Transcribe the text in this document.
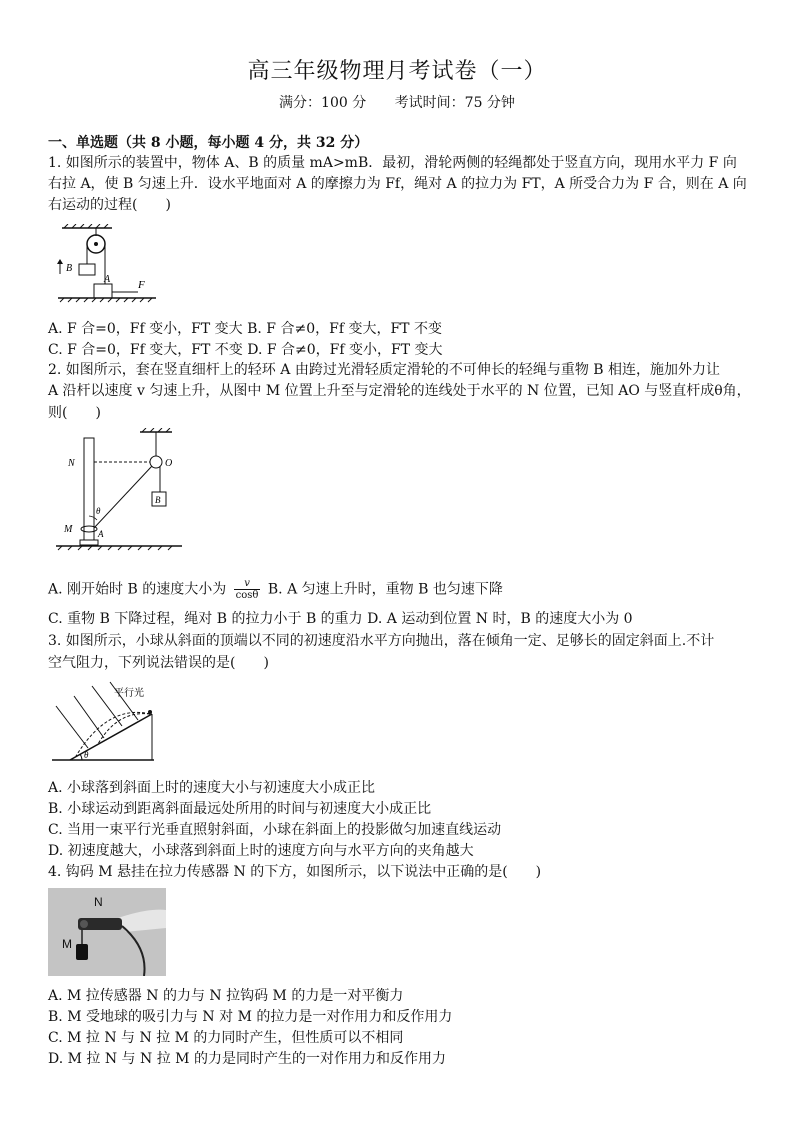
高三年级物理月考试卷（一）
满分：100 分 考试时间：75 分钟
一、单选题（共 8 小题，每小题 4 分，共 32 分）
1. 如图所示的装置中，物体 A、B 的质量 mA>mB．最初，滑轮两侧的轻绳都处于竖直方向，现用水平力 F 向
右拉 A，使 B 匀速上升．设水平地面对 A 的摩擦力为 Ff，绳对 A 的拉力为 FT，A 所受合力为 F 合，则在 A 向
右运动的过程(　　)
B
A	F
A. F 合=0，Ff 变小，FT 变大 B. F 合≠0，Ff 变大，FT 不变
C. F 合=0，Ff 变大，FT 不变 D. F 合≠0，Ff 变小，FT 变大
2. 如图所示，套在竖直细杆上的轻环 A 由跨过光滑轻质定滑轮的不可伸长的轻绳与重物 B 相连，施加外力让
A 沿杆以速度 v 匀速上升，从图中 M 位置上升至与定滑轮的连线处于水平的 N 位置，已知 AO 与竖直杆成θ角，
则(　　)
N	O
B
M
θ
A
A. 刚开始时 B 的速度大小为 $\frac{v}{\cos\theta} B$. A 匀速上升时，重物 B 也匀速下降
C. 重物 B 下降过程，绳对 B 的拉力小于 B 的重力 D. A 运动到位置 N 时，B 的速度大小为 0
3. 如图所示，小球从斜面的顶端以不同的初速度沿水平方向抛出，落在倾角一定、足够长的固定斜面上.不计
空气阻力，下列说法错误的是(　　)
θ
平行光
A. 小球落到斜面上时的速度大小与初速度大小成正比
B. 小球运动到距离斜面最远处所用的时间与初速度大小成正比
C. 当用一束平行光垂直照射斜面，小球在斜面上的投影做匀加速直线运动
D. 初速度越大，小球落到斜面上时的速度方向与水平方向的夹角越大
4. 钩码 M 悬挂在拉力传感器 N 的下方，如图所示，以下说法中正确的是(　　)
N
M
A. M 拉传感器 N 的力与 N 拉钩码 M 的力是一对平衡力
B. M 受地球的吸引力与 N 对 M 的拉力是一对作用力和反作用力
C. M 拉 N 与 N 拉 M 的力同时产生，但性质可以不相同
D. M 拉 N 与 N 拉 M 的力是同时产生的一对作用力和反作用力
